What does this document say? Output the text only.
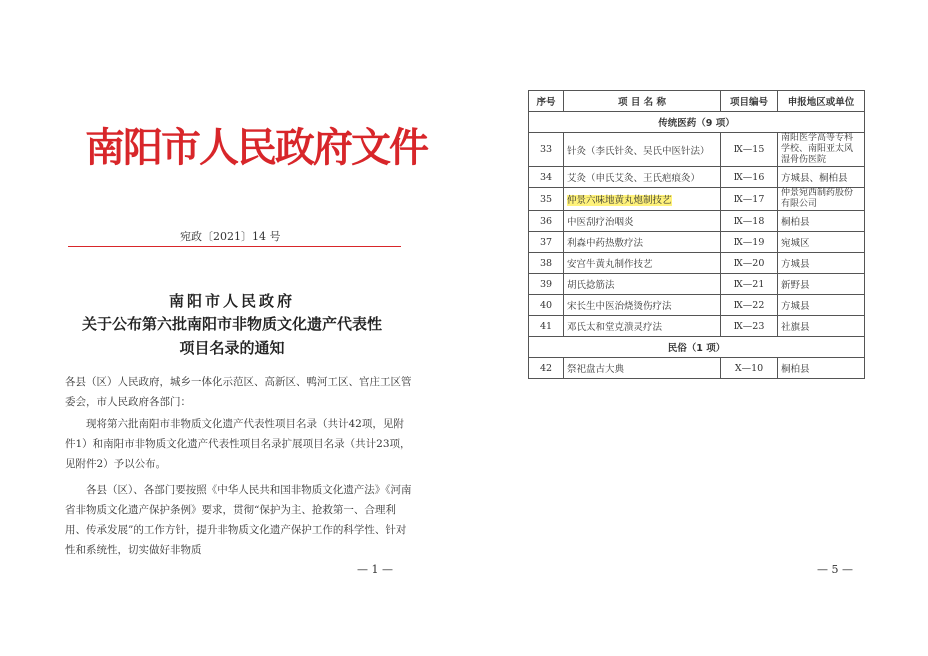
南阳市人民政府文件
宛政〔2021〕14 号
南阳市人民政府
关于公布第六批南阳市非物质文化遗产代表性
项目名录的通知

各县（区）人民政府，城乡一体化示范区、高新区、鸭河工区、官庄工区管委会，市人民政府各部门：

现将第六批南阳市非物质文化遗产代表性项目名录（共计42项，见附件1）和南阳市非物质文化遗产代表性项目名录扩展项目名录（共计23项，见附件2）予以公布。

各县（区）、各部门要按照《中华人民共和国非物质文化遗产法》《河南省非物质文化遗产保护条例》要求，贯彻“保护为主、抢救第一、合理利用、传承发展”的工作方针，提升非物质文化遗产保护工作的科学性、针对性和系统性，切实做好非物质

— 1 —
序号	项 目 名 称	项目编号	申报地区或单位
传统医药（9 项）			
33	针灸（李氏针灸、吴氏中医针法）	Ⅸ—15	南阳医学高等专科学校、南阳亚太风湿骨伤医院
34	艾灸（申氏艾灸、王氏疤痕灸）	Ⅸ—16	方城县、桐柏县
35	仲景六味地黄丸炮制技艺	Ⅸ—17	仲景宛西制药股份有限公司
36	中医刮疗治咽炎	Ⅸ—18	桐柏县
37	利森中药热敷疗法	Ⅸ—19	宛城区
38	安宫牛黄丸制作技艺	Ⅸ—20	方城县
39	胡氏捻筋法	Ⅸ—21	新野县
40	宋长生中医治烧烫伤疗法	Ⅸ—22	方城县
41	邓氏太和堂克溃灵疗法	Ⅸ—23	社旗县
民俗（1 项）			
42	祭祀盘古大典	Ⅹ—10	桐柏县
— 5 —
